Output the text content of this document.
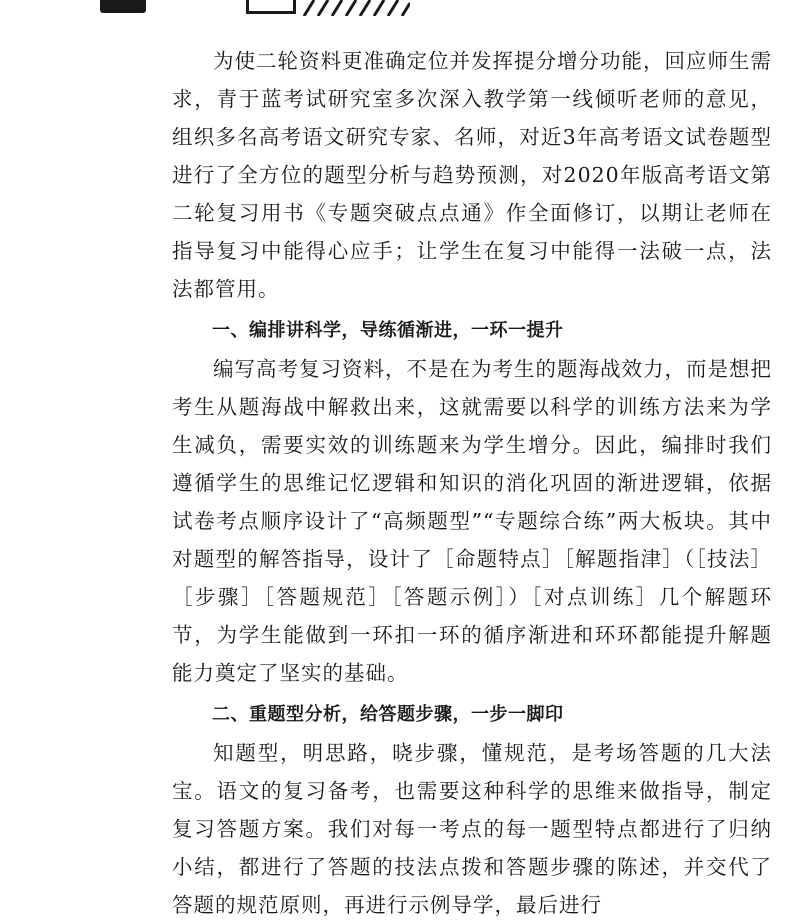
为使二轮资料更准确定位并发挥提分增分功能，回应师生需求，青于蓝考试研究室多次深入教学第一线倾听老师的意见，组织多名高考语文研究专家、名师，对近3年高考语文试卷题型进行了全方位的题型分析与趋势预测，对2020年版高考语文第二轮复习用书《专题突破点点通》作全面修订，以期让老师在指导复习中能得心应手；让学生在复习中能得一法破一点，法法都管用。

一、编排讲科学，导练循渐进，一环一提升

编写高考复习资料，不是在为考生的题海战效力，而是想把考生从题海战中解救出来，这就需要以科学的训练方法来为学生减负，需要实效的训练题来为学生增分。因此，编排时我们遵循学生的思维记忆逻辑和知识的消化巩固的渐进逻辑，依据试卷考点顺序设计了“高频题型”“专题综合练”两大板块。其中对题型的解答指导，设计了［命题特点］［解题指津］（［技法］［步骤］［答题规范］［答题示例］）［对点训练］几个解题环节，为学生能做到一环扣一环的循序渐进和环环都能提升解题能力奠定了坚实的基础。

二、重题型分析，给答题步骤，一步一脚印

知题型，明思路，晓步骤，懂规范，是考场答题的几大法宝。语文的复习备考，也需要这种科学的思维来做指导，制定复习答题方案。我们对每一考点的每一题型特点都进行了归纳小结，都进行了答题的技法点拨和答题步骤的陈述，并交代了答题的规范原则，再进行示例导学，最后进行
